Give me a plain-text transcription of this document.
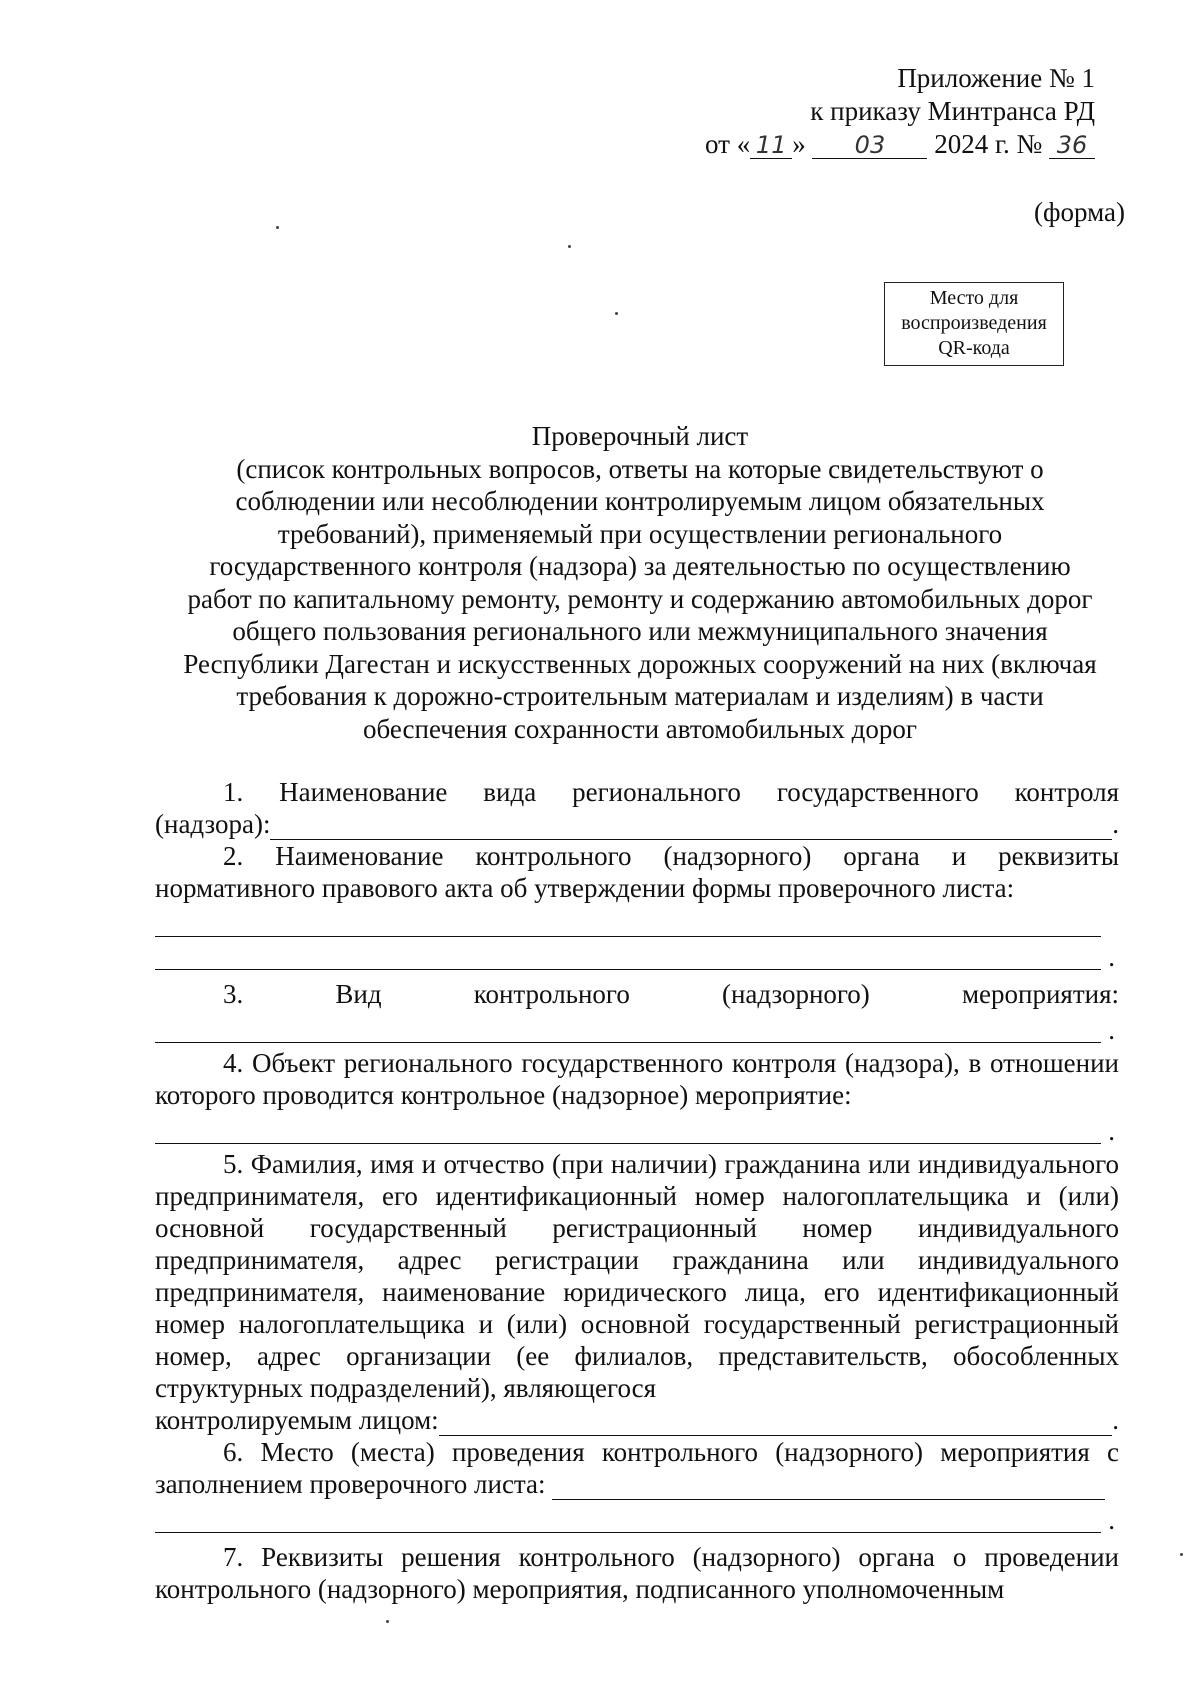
Приложение № 1
к приказу Минтранса РД
от « 11 » 03 2024 г. № 36
(форма)
Место для
воспроизведения
QR-кода
Проверочный лист
(список контрольных вопросов, ответы на которые свидетельствуют о
соблюдении или несоблюдении контролируемым лицом обязательных
требований), применяемый при осуществлении регионального
государственного контроля (надзора) за деятельностью по осуществлению
работ по капитальному ремонту, ремонту и содержанию автомобильных дорог
общего пользования регионального или межмуниципального значения
Республики Дагестан и искусственных дорожных сооружений на них (включая
требования к дорожно-строительным материалам и изделиям) в части
обеспечения сохранности автомобильных дорог

1. Наименование вида регионального государственного контроля

(надзора):	.

2. Наименование контрольного (надзорного) органа и реквизиты нормативного правового акта об утверждении формы проверочного листа:

.

3. Вид контрольного (надзорного) мероприятия:

.

4. Объект регионального государственного контроля (надзора), в отношении которого проводится контрольное (надзорное) мероприятие:

.

5. Фамилия, имя и отчество (при наличии) гражданина или индивидуального предпринимателя, его идентификационный номер налогоплательщика и (или) основной государственный регистрационный номер индивидуального предпринимателя, адрес регистрации гражданина или индивидуального предпринимателя, наименование юридического лица, его идентификационный номер налогоплательщика и (или) основной государственный регистрационный номер, адрес организации (ее филиалов, представительств, обособленных структурных подразделений), являющегося

контролируемым лицом:	.

6. Место (места) проведения контрольного (надзорного) мероприятия с

заполнением проверочного листа:
.

7. Реквизиты решения контрольного (надзорного) органа о проведении контрольного (надзорного) мероприятия, подписанного уполномоченным
